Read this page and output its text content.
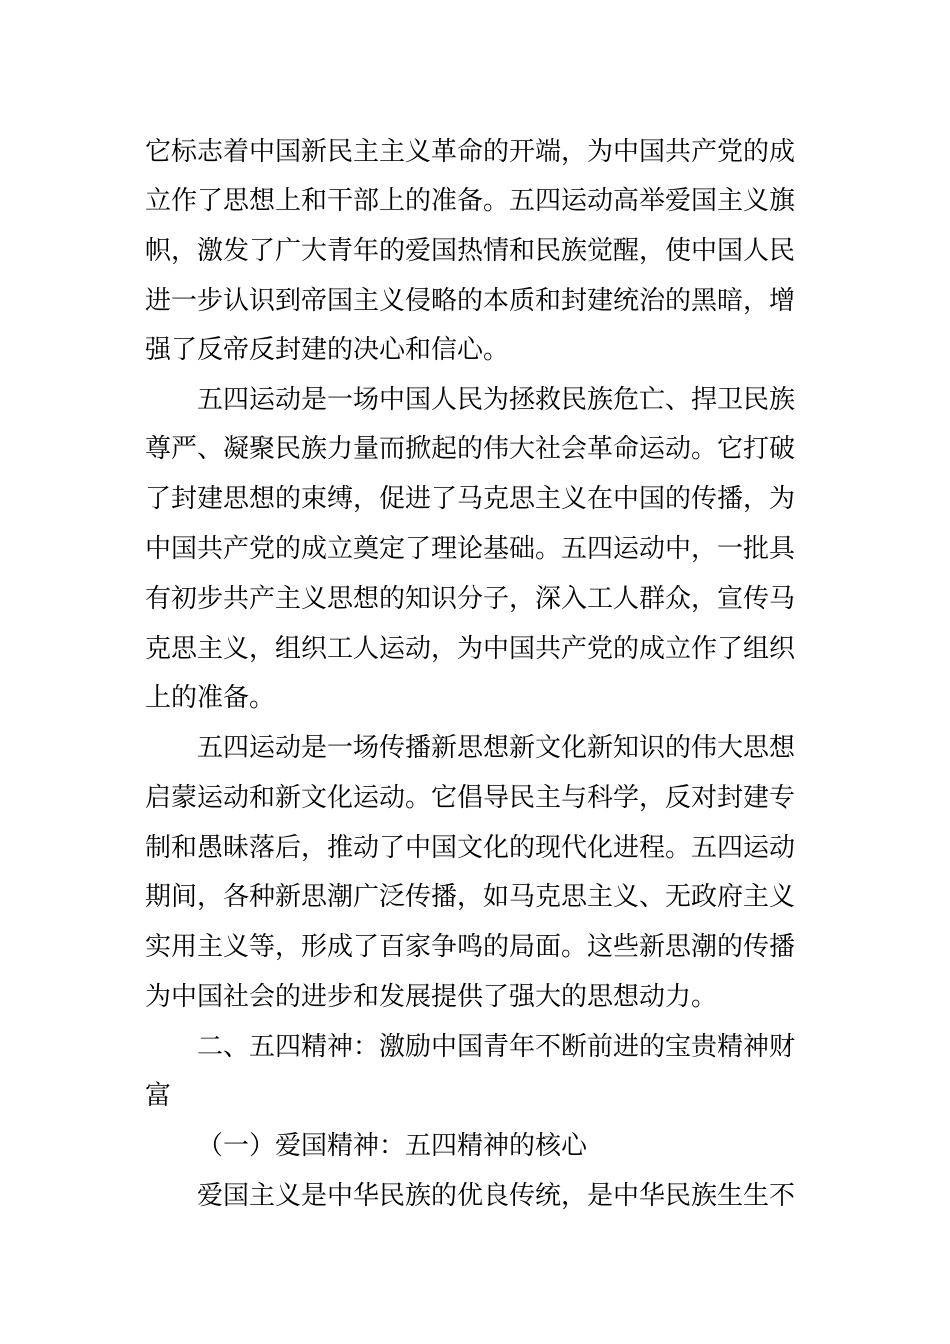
它标志着中国新民主主义革命的开端，为中国共产党的成
立作了思想上和干部上的准备。五四运动高举爱国主义旗
帜，激发了广大青年的爱国热情和民族觉醒，使中国人民
进一步认识到帝国主义侵略的本质和封建统治的黑暗，增
强了反帝反封建的决心和信心。
五四运动是一场中国人民为拯救民族危亡、捍卫民族
尊严、凝聚民族力量而掀起的伟大社会革命运动。它打破
了封建思想的束缚，促进了马克思主义在中国的传播，为
中国共产党的成立奠定了理论基础。五四运动中，一批具
有初步共产主义思想的知识分子，深入工人群众，宣传马
克思主义，组织工人运动，为中国共产党的成立作了组织
上的准备。
五四运动是一场传播新思想新文化新知识的伟大思想
启蒙运动和新文化运动。它倡导民主与科学，反对封建专
制和愚昧落后，推动了中国文化的现代化进程。五四运动
期间，各种新思潮广泛传播，如马克思主义、无政府主义
实用主义等，形成了百家争鸣的局面。这些新思潮的传播
为中国社会的进步和发展提供了强大的思想动力。
二、五四精神：激励中国青年不断前进的宝贵精神财
富
（一）爱国精神：五四精神的核心
爱国主义是中华民族的优良传统，是中华民族生生不
